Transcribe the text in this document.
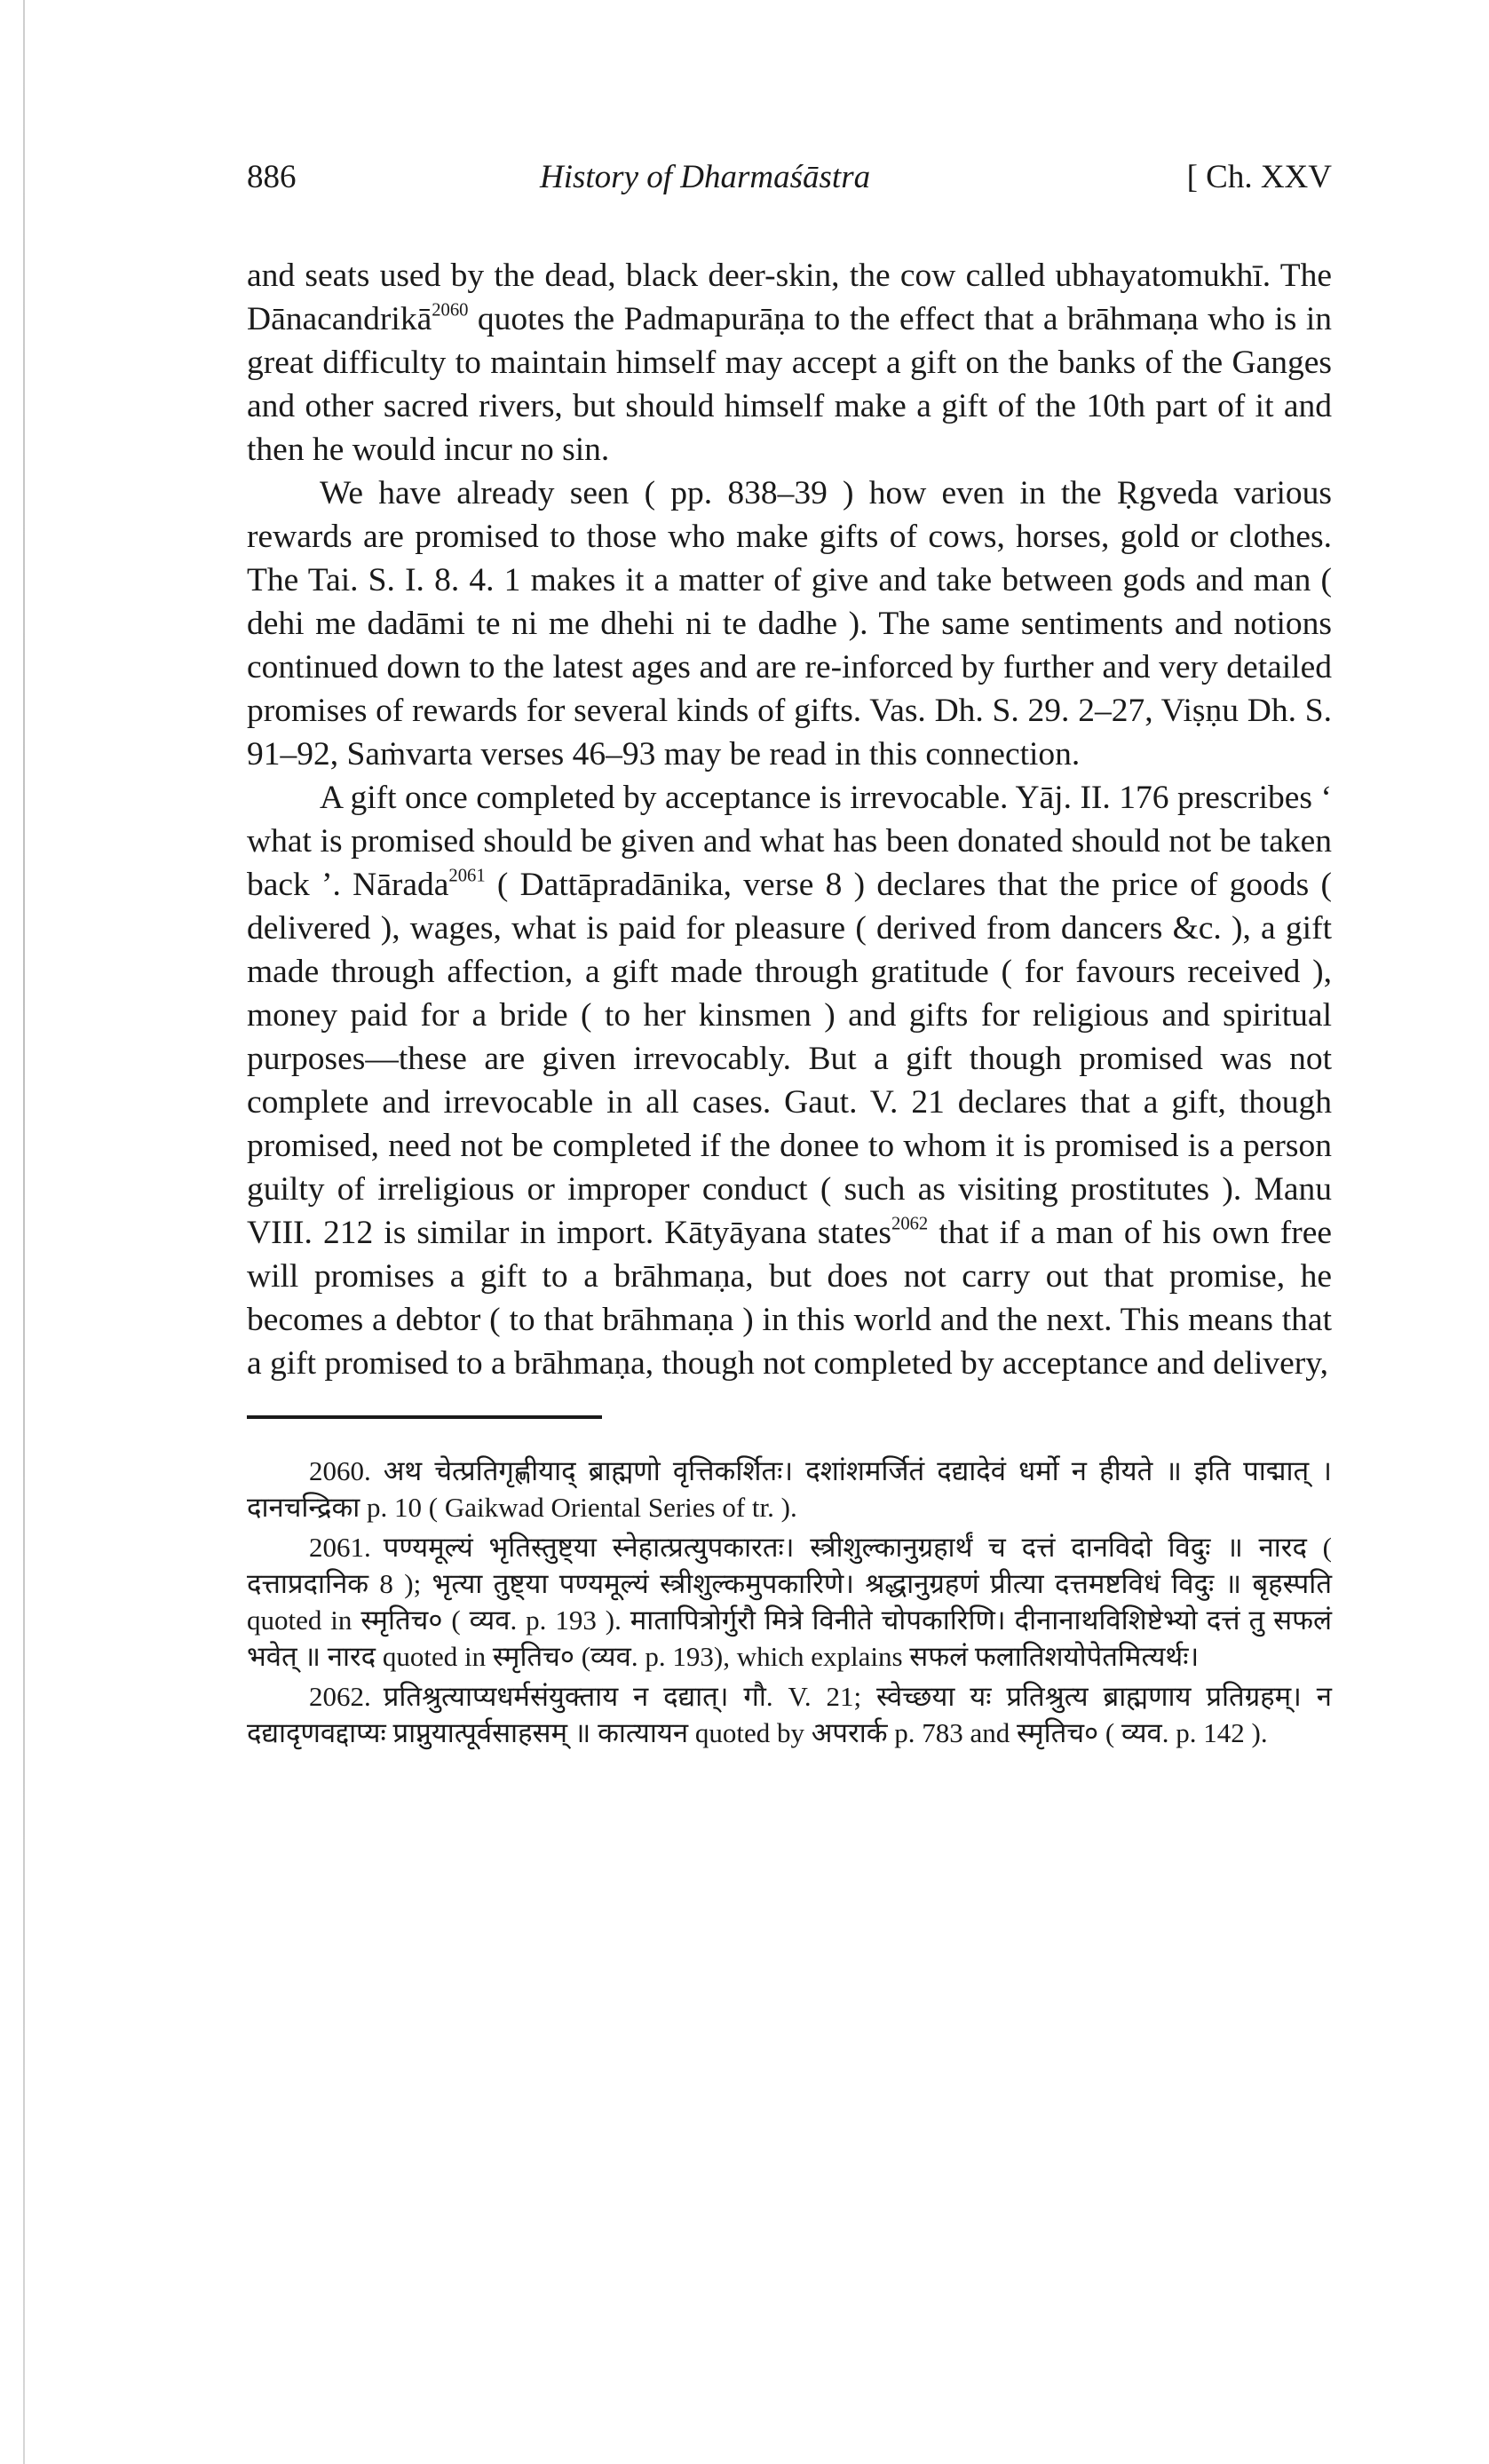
886	History of Dharmaśāstra	[ Ch. XXV

and seats used by the dead, black deer-skin, the cow called ubhayatomukhī. The Dānacandrikā$^{2060}$ quotes the Padmapurāṇa to the effect that a brāhmaṇa who is in great difficulty to maintain himself may accept a gift on the banks of the Ganges and other sacred rivers, but should himself make a gift of the 10th part of it and then he would incur no sin.

We have already seen ( pp. 838–39 ) how even in the Ṛgveda various rewards are promised to those who make gifts of cows, horses, gold or clothes. The Tai. S. I. 8. 4. 1 makes it a matter of give and take between gods and man ( dehi me dadāmi te ni me dhehi ni te dadhe ). The same sentiments and notions continued down to the latest ages and are re-inforced by further and very detailed promises of rewards for several kinds of gifts. Vas. Dh. S. 29. 2–27, Viṣṇu Dh. S. 91–92, Saṁvarta verses 46–93 may be read in this connection.

A gift once completed by acceptance is irrevocable. Yāj. II. 176 prescribes ‘ what is promised should be given and what has been donated should not be taken back ’. Nārada$^{2061}$ ( Dattāpradānika, verse 8 ) declares that the price of goods ( delivered ), wages, what is paid for pleasure ( derived from dancers &c. ), a gift made through affection, a gift made through gratitude ( for favours received ), money paid for a bride ( to her kinsmen ) and gifts for religious and spiritual purposes—these are given irrevocably. But a gift though promised was not complete and irrevocable in all cases. Gaut. V. 21 declares that a gift, though promised, need not be completed if the donee to whom it is promised is a person guilty of irreligious or improper conduct ( such as visiting prostitutes ). Manu VIII. 212 is similar in import. Kātyāyana states$^{2062}$ that if a man of his own free will promises a gift to a brāhmaṇa, but does not carry out that promise, he becomes a debtor ( to that brāhmaṇa ) in this world and the next. This means that a gift promised to a brāhmaṇa, though not completed by acceptance and delivery,

2060. अथ चेत्प्रतिगृह्णीयाद् ब्राह्मणो वृत्तिकर्शितः। दशांशमर्जितं दद्यादेवं धर्मो न हीयते ॥ इति पाद्मात् । दानचन्द्रिका p. 10 ( Gaikwad Oriental Series of tr. ).

2061. पण्यमूल्यं भृतिस्तुष्ट्या स्नेहात्प्रत्युपकारतः। स्त्रीशुल्कानुग्रहार्थं च दत्तं दानविदो विदुः ॥ नारद ( दत्ताप्रदानिक 8 ); भृत्या तुष्ट्या पण्यमूल्यं स्त्रीशुल्कमुपकारिणे। श्रद्धानुग्रहणं प्रीत्या दत्तमष्टविधं विदुः ॥ बृहस्पति quoted in स्मृतिच० ( व्यव. p. 193 ). मातापित्रोर्गुरौ मित्रे विनीते चोपकारिणि। दीनानाथविशिष्टेभ्यो दत्तं तु सफलं भवेत् ॥ नारद quoted in स्मृतिच० (व्यव. p. 193), which explains सफलं फलातिशयोपेतमित्यर्थः।

2062. प्रतिश्रुत्याप्यधर्मसंयुक्ताय न दद्यात्। गौ. V. 21; स्वेच्छया यः प्रतिश्रुत्य ब्राह्मणाय प्रतिग्रहम्। न दद्यादृणवद्दाप्यः प्राप्नुयात्पूर्वसाहसम् ॥ कात्यायन quoted by अपरार्क p. 783 and स्मृतिच० ( व्यव. p. 142 ).
